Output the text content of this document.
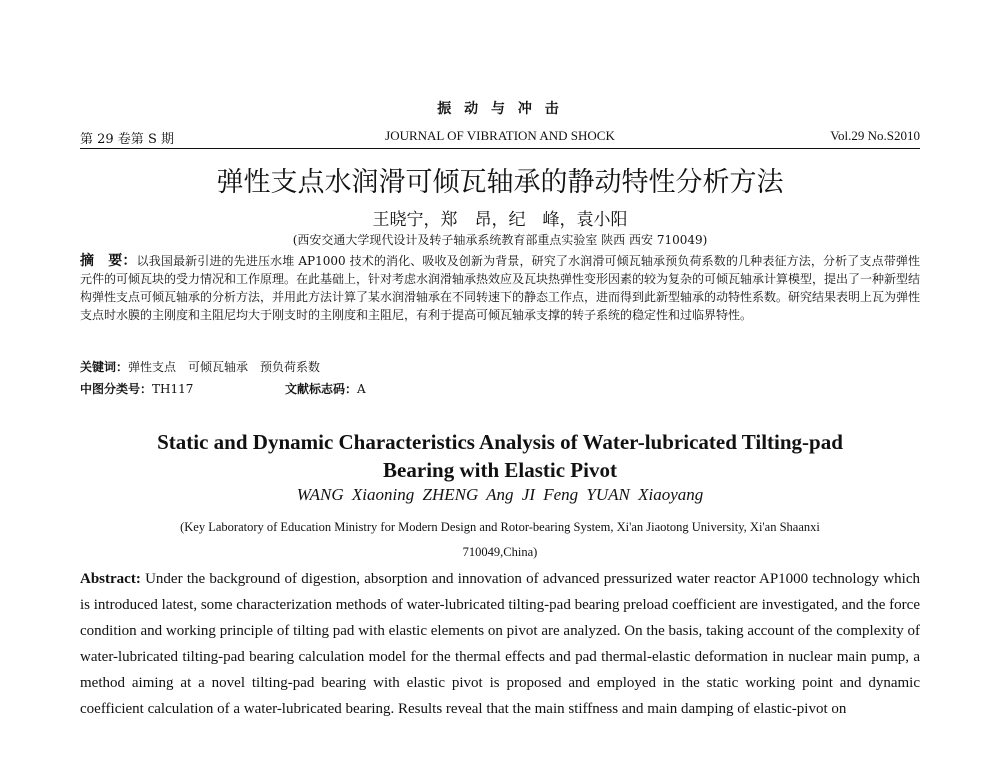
振 动 与 冲 击
第 29 卷第 S 期	JOURNAL OF VIBRATION AND SHOCK	Vol.29 No.S2010
弹性支点水润滑可倾瓦轴承的静动特性分析方法
王晓宁，郑　昂，纪　峰，袁小阳
(西安交通大学现代设计及转子轴承系统教育部重点实验室 陕西 西安 710049)
摘　要：以我国最新引进的先进压水堆 AP1000 技术的消化、吸收及创新为背景，研究了水润滑可倾瓦轴承预负荷系数的几种表征方法，分析了支点带弹性元件的可倾瓦块的受力情况和工作原理。在此基础上，针对考虑水润滑轴承热效应及瓦块热弹性变形因素的较为复杂的可倾瓦轴承计算模型，提出了一种新型结构弹性支点可倾瓦轴承的分析方法，并用此方法计算了某水润滑轴承在不同转速下的静态工作点，进而得到此新型轴承的动特性系数。研究结果表明上瓦为弹性支点时水膜的主刚度和主阻尼均大于刚支时的主刚度和主阻尼，有利于提高可倾瓦轴承支撑的转子系统的稳定性和过临界特性。
关键词：弹性支点　可倾瓦轴承　预负荷系数
中图分类号：TH117	文献标志码：A
Static and Dynamic Characteristics Analysis of Water-lubricated Tilting-pad
Bearing with Elastic Pivot
WANG Xiaoning ZHENG Ang JI Feng YUAN Xiaoyang
(Key Laboratory of Education Ministry for Modern Design and Rotor-bearing System, Xi'an Jiaotong University, Xi'an Shaanxi
710049,China)
Abstract: Under the background of digestion, absorption and innovation of advanced pressurized water reactor AP1000 technology which is introduced latest, some characterization methods of water-lubricated tilting-pad bearing preload coefficient are investigated, and the force condition and working principle of tilting pad with elastic elements on pivot are analyzed. On the basis, taking account of the complexity of water-lubricated tilting-pad bearing calculation model for the thermal effects and pad thermal-elastic deformation in nuclear main pump, a method aiming at a novel tilting-pad bearing with elastic pivot is proposed and employed in the static working point and dynamic coefficient calculation of a water-lubricated bearing. Results reveal that the main stiffness and main damping of elastic-pivot on
